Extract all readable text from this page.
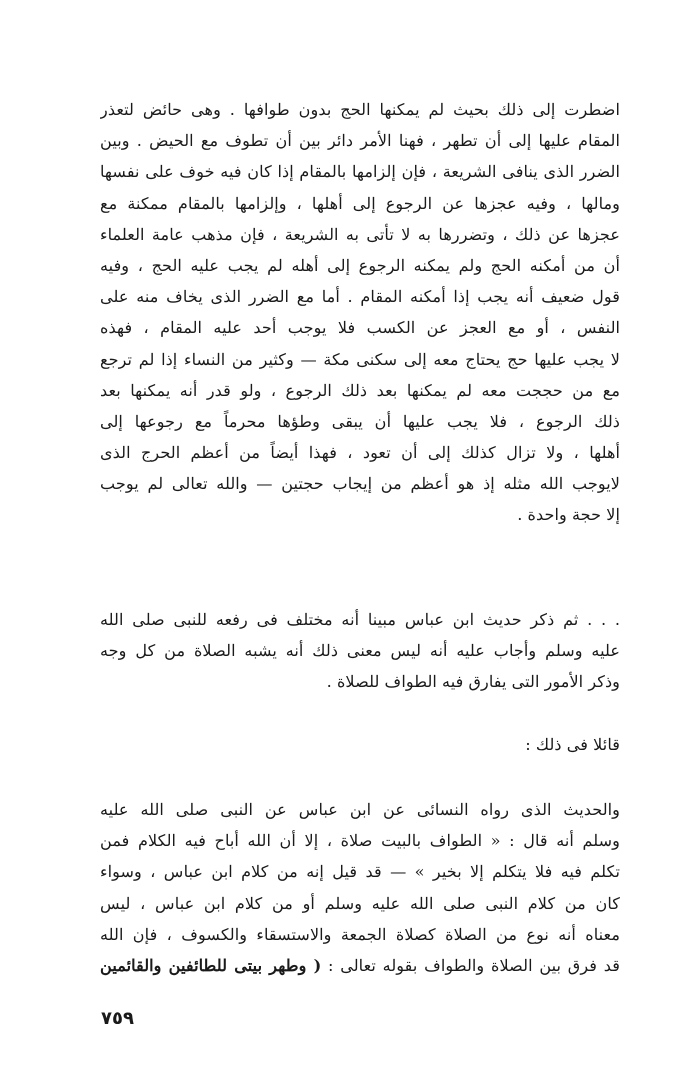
اضطرت إلى ذلك بحيث لم يمكنها الحج بدون طوافها . وهى حائض لتعذر
المقام عليها إلى أن تطهر ، فهنا الأمر دائر بين أن تطوف مع الحيض . وبين
الضرر الذى ينافى الشريعة ، فإن إلزامها بالمقام إذا كان فيه خوف على نفسها
ومالها ، وفيه عجزها عن الرجوع إلى أهلها ، وإلزامها بالمقام ممكنة مع
عجزها عن ذلك ، وتضررها به لا تأتى به الشريعة ، فإن مذهب عامة العلماء
أن من أمكنه الحج ولم يمكنه الرجوع إلى أهله لم يجب عليه الحج ، وفيه
قول ضعيف أنه يجب إذا أمكنه المقام . أما مع الضرر الذى يخاف منه على
النفس ، أو مع العجز عن الكسب فلا يوجب أحد عليه المقام ، فهذه
لا يجب عليها حج يحتاج معه إلى سكنى مكة — وكثير من النساء إذا لم ترجع
مع من حججت معه لم يمكنها بعد ذلك الرجوع ، ولو قدر أنه يمكنها بعد
ذلك الرجوع ، فلا يجب عليها أن يبقى وطؤها محرماً مع رجوعها إلى
أهلها ، ولا تزال كذلك إلى أن تعود ، فهذا أيضاً من أعظم الحرج الذى
لايوجب الله مثله إذ هو أعظم من إيجاب حجتين — والله تعالى لم يوجب
إلا حجة واحدة .
. . . ثم ذكر حديث ابن عباس مبينا أنه مختلف فى رفعه للنبى صلى الله
عليه وسلم وأجاب عليه أنه ليس معنى ذلك أنه يشبه الصلاة من كل وجه
وذكر الأمور التى يفارق فيه الطواف للصلاة .
قائلا فى ذلك :
والحديث الذى رواه النسائى عن ابن عباس عن النبى صلى الله عليه
وسلم أنه قال : « الطواف بالبيت صلاة ، إلا أن الله أباح فيه الكلام فمن
تكلم فيه فلا يتكلم إلا بخير » — قد قيل إنه من كلام ابن عباس ، وسواء
كان من كلام النبى صلى الله عليه وسلم أو من كلام ابن عباس ، ليس
معناه أنه نوع من الصلاة كصلاة الجمعة والاستسقاء والكسوف ، فإن الله
قد فرق بين الصلاة والطواف بقوله تعالى : ( وطهر بيتى للطائفين والقائمين
٧٥٩
